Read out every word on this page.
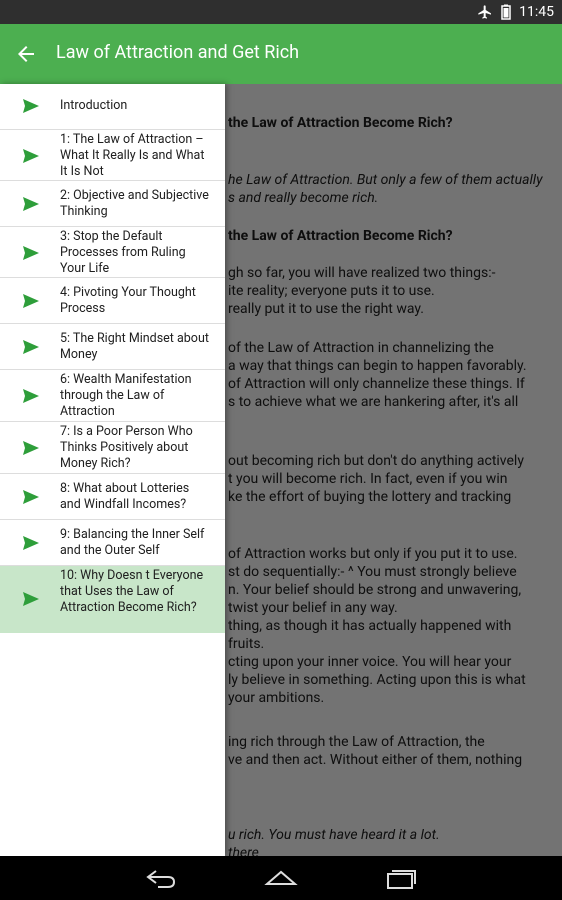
11:45
Law of Attraction and Get Rich

Introduction
1: The Law of Attraction – What It Really Is and What It Is Not
2: Objective and Subjective Thinking
3: Stop the Default Processes from Ruling Your Life
4: Pivoting Your Thought Process
5: The Right Mindset about Money
6: Wealth Manifestation through the Law of Attraction
7: Is a Poor Person Who Thinks Positively about Money Rich?
8: What about Lotteries and Windfall Incomes?
9: Balancing the Inner Self and the Outer Self
10: Why Doesn t Everyone that Uses the Law of Attraction Become Rich?
